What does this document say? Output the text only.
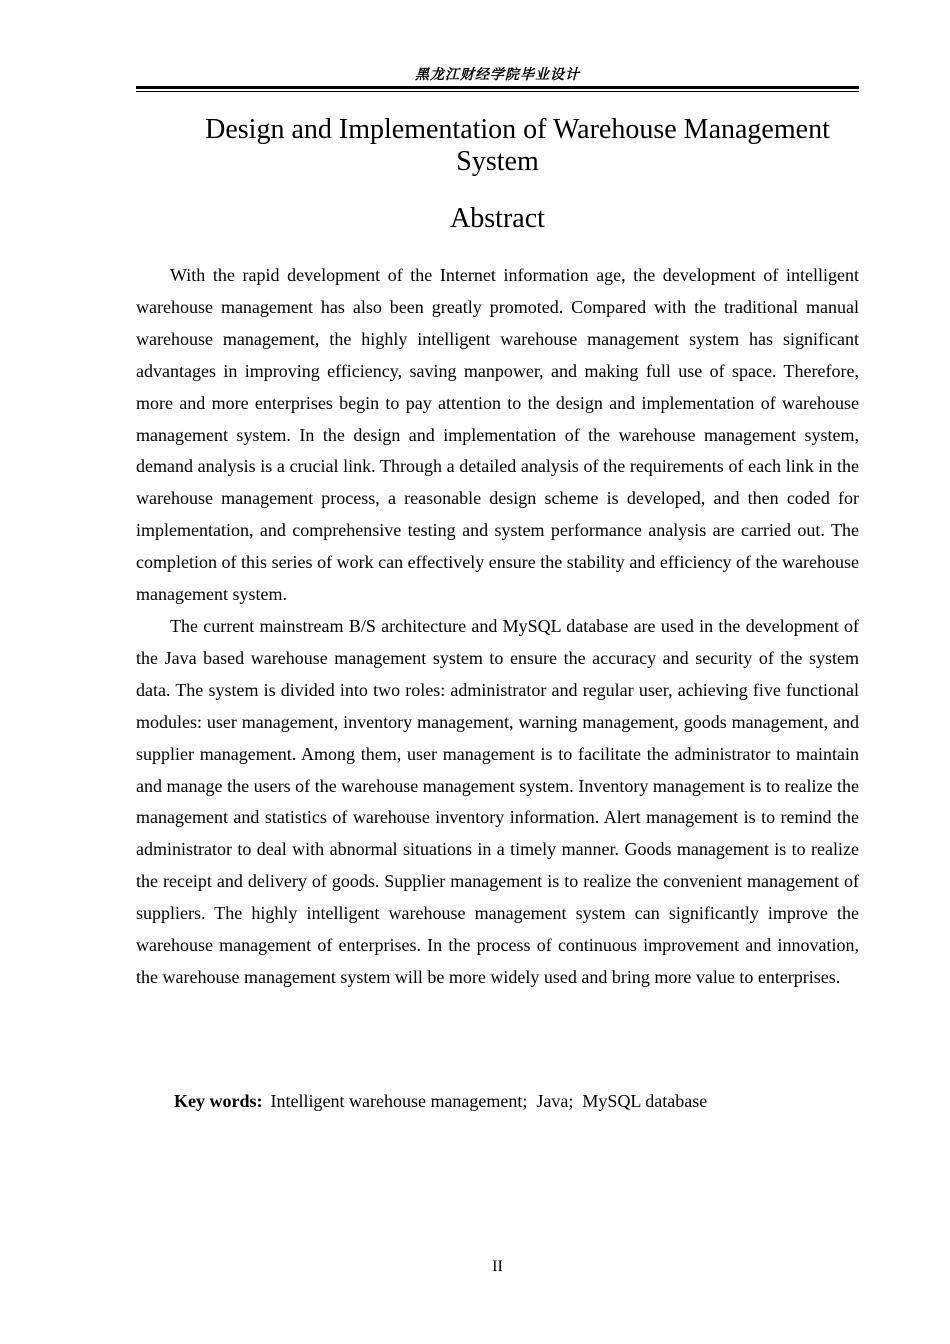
黑龙江财经学院毕业设计
Design and Implementation of Warehouse Management
System
Abstract

With the rapid development of the Internet information age, the development of intelligent warehouse management has also been greatly promoted. Compared with the traditional manual warehouse management, the highly intelligent warehouse management system has significant advantages in improving efficiency, saving manpower, and making full use of space. Therefore, more and more enterprises begin to pay attention to the design and implementation of warehouse management system. In the design and implementation of the warehouse management system, demand analysis is a crucial link. Through a detailed analysis of the requirements of each link in the warehouse management process, a reasonable design scheme is developed, and then coded for implementation, and comprehensive testing and system performance analysis are carried out. The completion of this series of work can effectively ensure the stability and efficiency of the warehouse management system.

The current mainstream B/S architecture and MySQL database are used in the development of the Java based warehouse management system to ensure the accuracy and security of the system data. The system is divided into two roles: administrator and regular user, achieving five functional modules: user management, inventory management, warning management, goods management, and supplier management. Among them, user management is to facilitate the administrator to maintain and manage the users of the warehouse management system. Inventory management is to realize the management and statistics of warehouse inventory information. Alert management is to remind the administrator to deal with abnormal situations in a timely manner. Goods management is to realize the receipt and delivery of goods. Supplier management is to realize the convenient management of suppliers. The highly intelligent warehouse management system can significantly improve the warehouse management of enterprises. In the process of continuous improvement and innovation, the warehouse management system will be more widely used and bring more value to enterprises.

Key words: Intelligent warehouse management;  Java;  MySQL database
II
